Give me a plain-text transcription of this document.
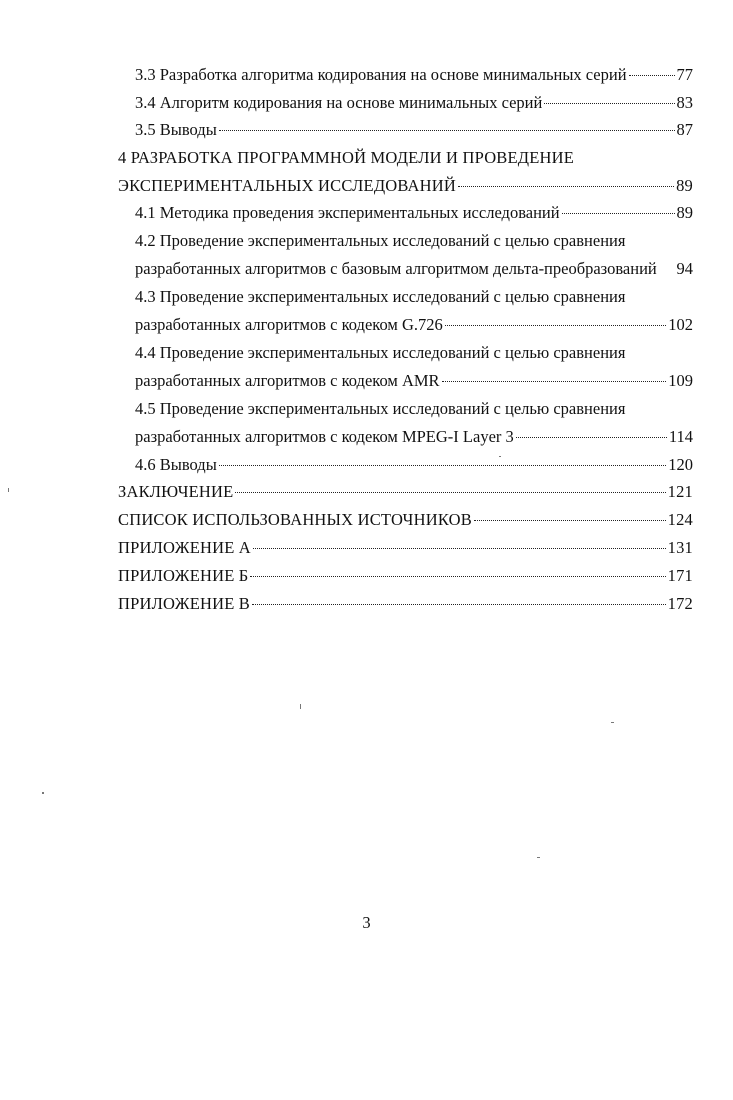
3.3 Разработка алгоритма кодирования на основе минимальных серий	77
3.4 Алгоритм кодирования на основе минимальных серий	83
3.5 Выводы	87
4 РАЗРАБОТКА ПРОГРАММНОЙ МОДЕЛИ И ПРОВЕДЕНИЕ
ЭКСПЕРИМЕНТАЛЬНЫХ ИССЛЕДОВАНИЙ	89
4.1 Методика проведения экспериментальных исследований	89
4.2 Проведение экспериментальных исследований с целью сравнения
разработанных алгоритмов с базовым алгоритмом дельта-преобразований 94
4.3 Проведение экспериментальных исследований с целью сравнения
разработанных алгоритмов с кодеком G.726	102
4.4 Проведение экспериментальных исследований с целью сравнения
разработанных алгоритмов с кодеком AMR	109
4.5 Проведение экспериментальных исследований с целью сравнения
разработанных алгоритмов с кодеком MPEG-I Layer 3	114
4.6 Выводы	120
ЗАКЛЮЧЕНИЕ	121
СПИСОК ИСПОЛЬЗОВАННЫХ ИСТОЧНИКОВ	124
ПРИЛОЖЕНИЕ А	131
ПРИЛОЖЕНИЕ Б	171
ПРИЛОЖЕНИЕ В	172
3
